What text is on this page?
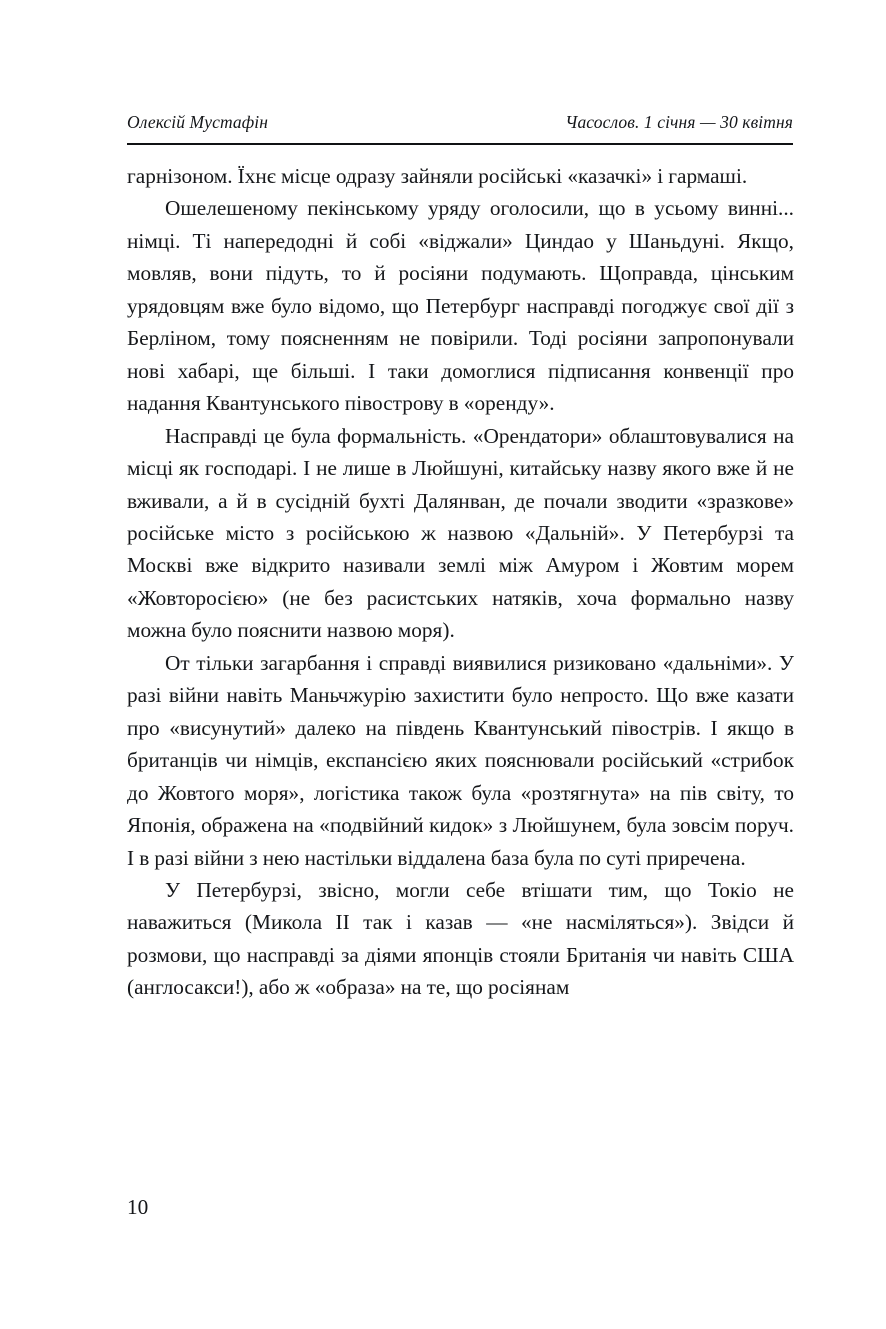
Олексій Мустафін	Часослов. 1 січня — 30 квітня

гарнізоном. Їхнє місце одразу зайняли російські «казачкі» і гармаші.

Ошелешеному пекінському уряду оголосили, що в усьому винні... німці. Ті напередодні й собі «віджали» Циндао у Шаньдуні. Якщо, мовляв, вони підуть, то й росіяни подумають. Щоправда, цінським урядовцям вже було відомо, що Петербург насправді погоджує свої дії з Берліном, тому поясненням не повірили. Тоді росіяни запропонували нові хабарі, ще більші. І таки домоглися підписання конвенції про надання Квантунського півострову в «оренду».

Насправді це була формальність. «Орендатори» облаштовувалися на місці як господарі. І не лише в Люйшуні, китайську назву якого вже й не вживали, а й в сусідній бухті Далянван, де почали зводити «зразкове» російське місто з російською ж назвою «Дальній». У Петербурзі та Москві вже відкрито називали землі між Амуром і Жовтим морем «Жовторосією» (не без расистських натяків, хоча формально назву можна було пояснити назвою моря).

От тільки загарбання і справді виявилися ризиковано «дальніми». У разі війни навіть Маньчжурію захистити було непросто. Що вже казати про «висунутий» далеко на південь Квантунський півострів. І якщо в британців чи німців, експансією яких пояснювали російський «стрибок до Жовтого моря», логістика також була «розтягнута» на пів світу, то Японія, ображена на «подвійний кидок» з Люйшунем, була зовсім поруч. І в разі війни з нею настільки віддалена база була по суті приречена.

У Петербурзі, звісно, могли себе втішати тим, що Токіо не наважиться (Микола II так і казав — «не насміляться»). Звідси й розмови, що насправді за діями японців стояли Британія чи навіть США (англосакси!), або ж «образа» на те, що росіянам

10
